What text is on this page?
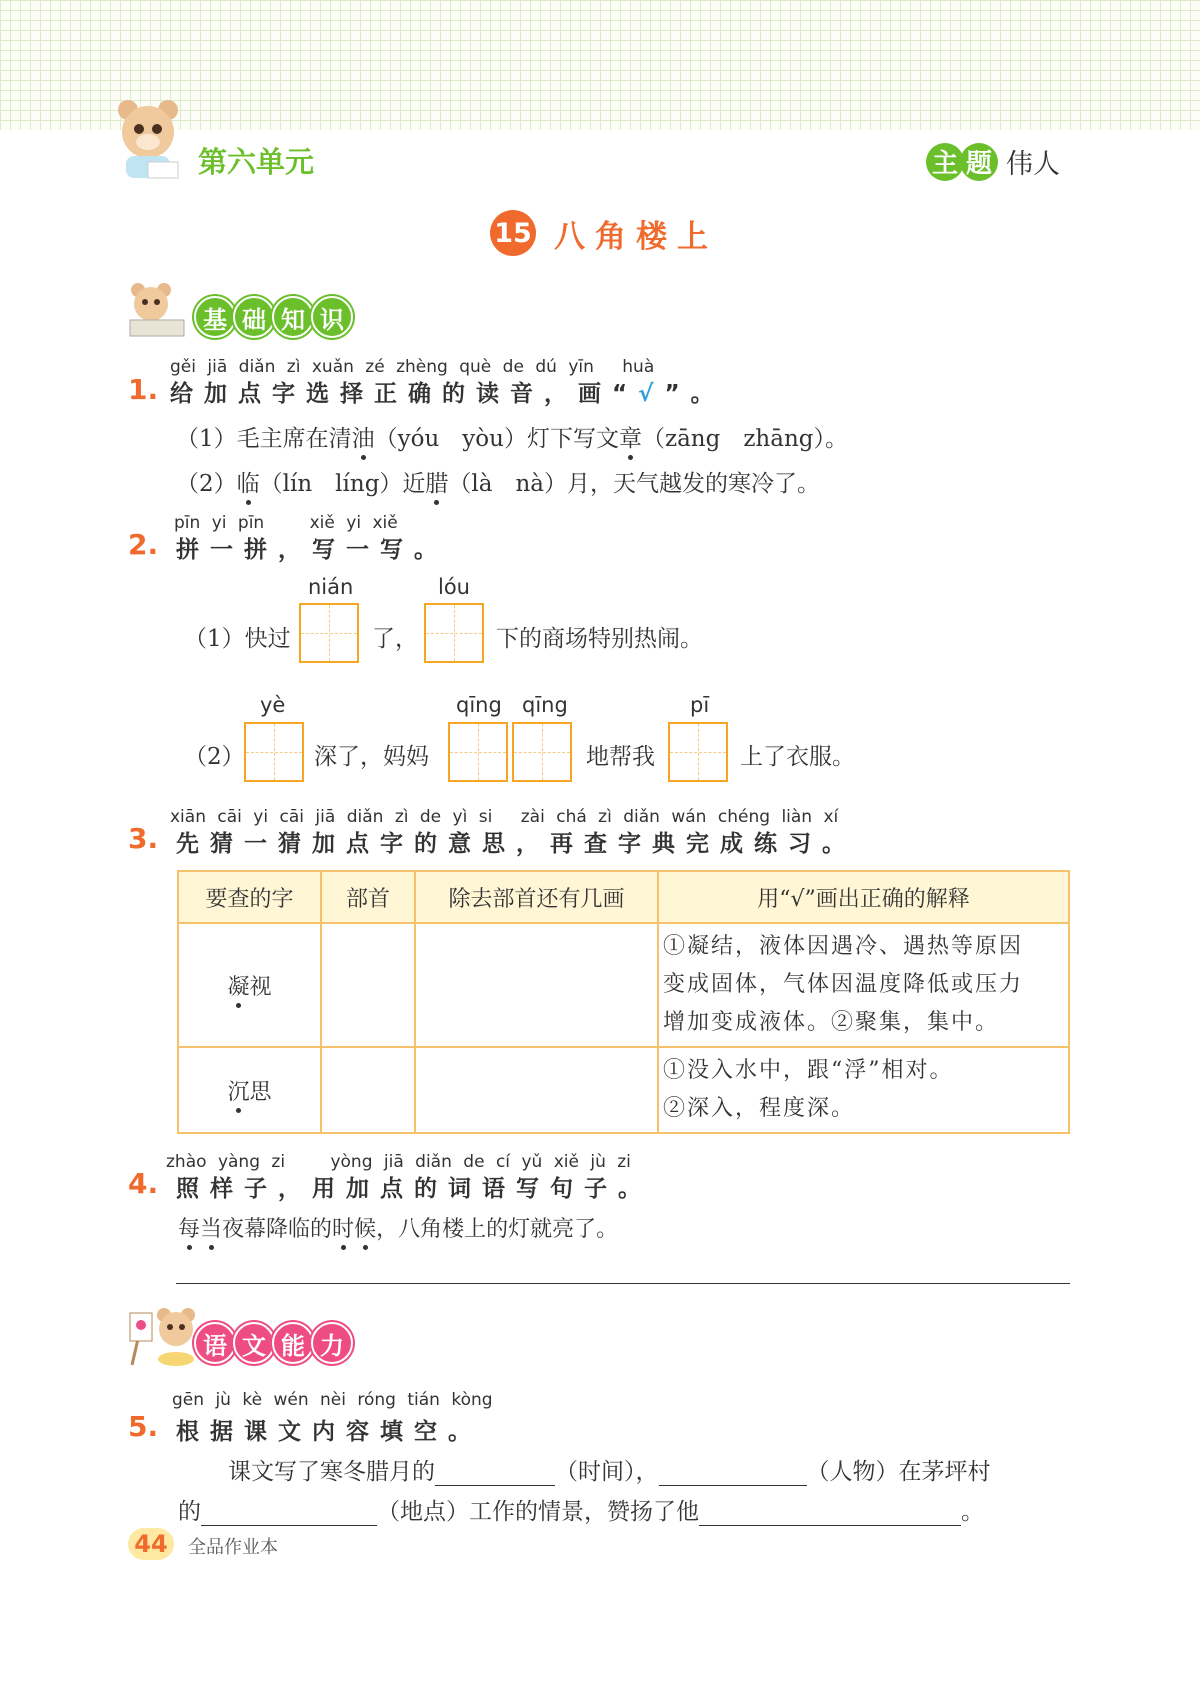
第六单元	主 题 伟人
15 八角楼上
基 础 知 识
1.
gěi jiā diǎn zì xuǎn zé zhèng què de dú yīn　 huà
给加点字选择正确的读音，画“√”。
（1）毛主席在清油（yóu　yòu）灯下写文章（zāng　zhāng）。
（2）临（lín　líng）近腊（là　nà）月，天气越发的寒冷了。
2.
pīn yi pīn　　	xiě yi xiě
拼一拼，写一写。
nián	lóu
（1）快过	了，	下的商场特别热闹。
yè	qīng qīng	pī
（2）	深了，妈妈	地帮我	上了衣服。
3.
xiān cāi yi cāi jiā diǎn zì de yì si　 zài chá zì diǎn wán chéng liàn xí
先猜一猜加点字的意思，再查字典完成练习。
要查的字	部首	除去部首还有几画	用“√”画出正确的解释
凝视			①凝结，液体因遇冷、遇热等原因
变成固体，气体因温度降低或压力
增加变成液体。②聚集，集中。

沉思			①没入水中，跟“浮”相对。
②深入，程度深。
4.
zhào yàng zi　　	yòng jiā diǎn de cí yǔ xiě jù zi
照样子，用加点的词语写句子。
每当夜幕降临的时候，八角楼上的灯就亮了。
语 文 能 力
5.
gēn jù kè wén nèi róng tián kòng
根据课文内容填空。
课文写了寒冬腊月的	（时间），	（人物）在茅坪村
的	（地点）工作的情景，赞扬了他	。
44	全品作业本
